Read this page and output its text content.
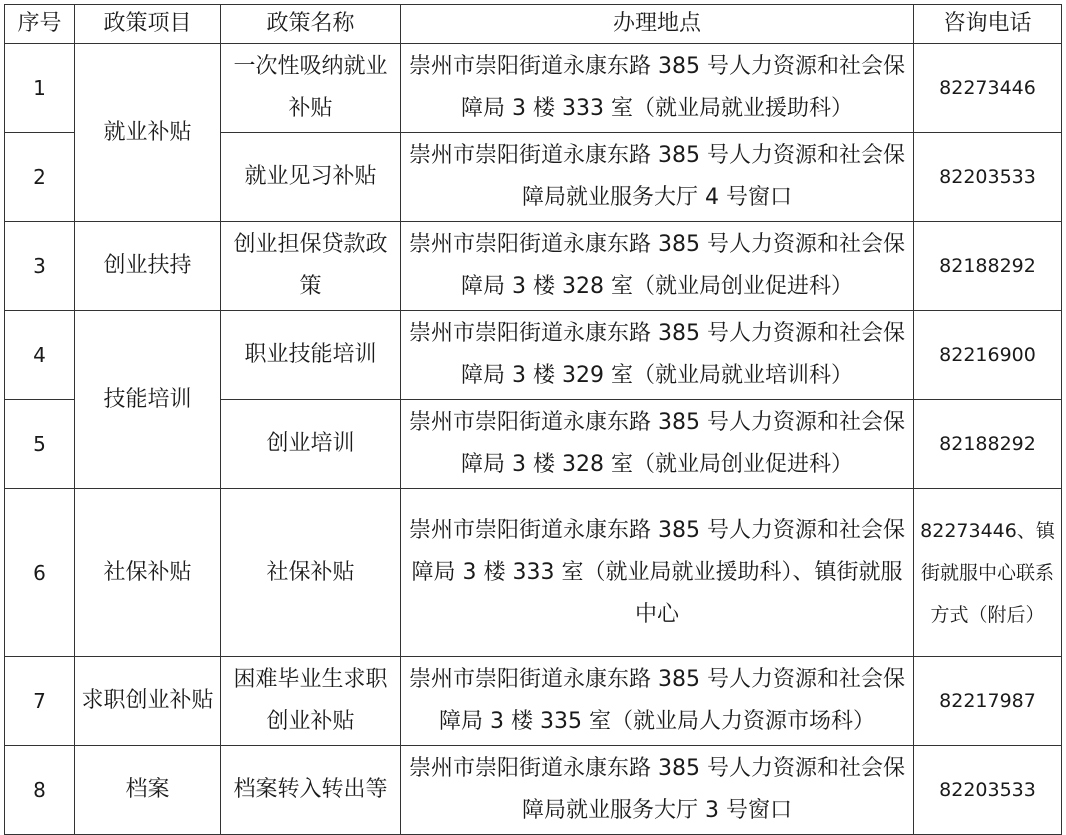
序号	政策项目	政策名称	办理地点	咨询电话
1	就业补贴	一次性吸纳就业补贴	崇州市崇阳街道永康东路 385 号人力资源和社会保障局 3 楼 333 室（就业局就业援助科）	82273446
2		就业见习补贴	崇州市崇阳街道永康东路 385 号人力资源和社会保障局就业服务大厅 4 号窗口	82203533
3	创业扶持	创业担保贷款政策	崇州市崇阳街道永康东路 385 号人力资源和社会保障局 3 楼 328 室（就业局创业促进科）	82188292
4	技能培训	职业技能培训	崇州市崇阳街道永康东路 385 号人力资源和社会保障局 3 楼 329 室（就业局就业培训科）	82216900
5		创业培训	崇州市崇阳街道永康东路 385 号人力资源和社会保障局 3 楼 328 室（就业局创业促进科）	82188292
6	社保补贴	社保补贴	崇州市崇阳街道永康东路 385 号人力资源和社会保障局 3 楼 333 室（就业局就业援助科）、镇街就服中心	82273446、镇街就服中心联系方式（附后）
7	求职创业补贴	困难毕业生求职创业补贴	崇州市崇阳街道永康东路 385 号人力资源和社会保障局 3 楼 335 室（就业局人力资源市场科）	82217987
8	档案	档案转入转出等	崇州市崇阳街道永康东路 385 号人力资源和社会保障局就业服务大厅 3 号窗口	82203533
